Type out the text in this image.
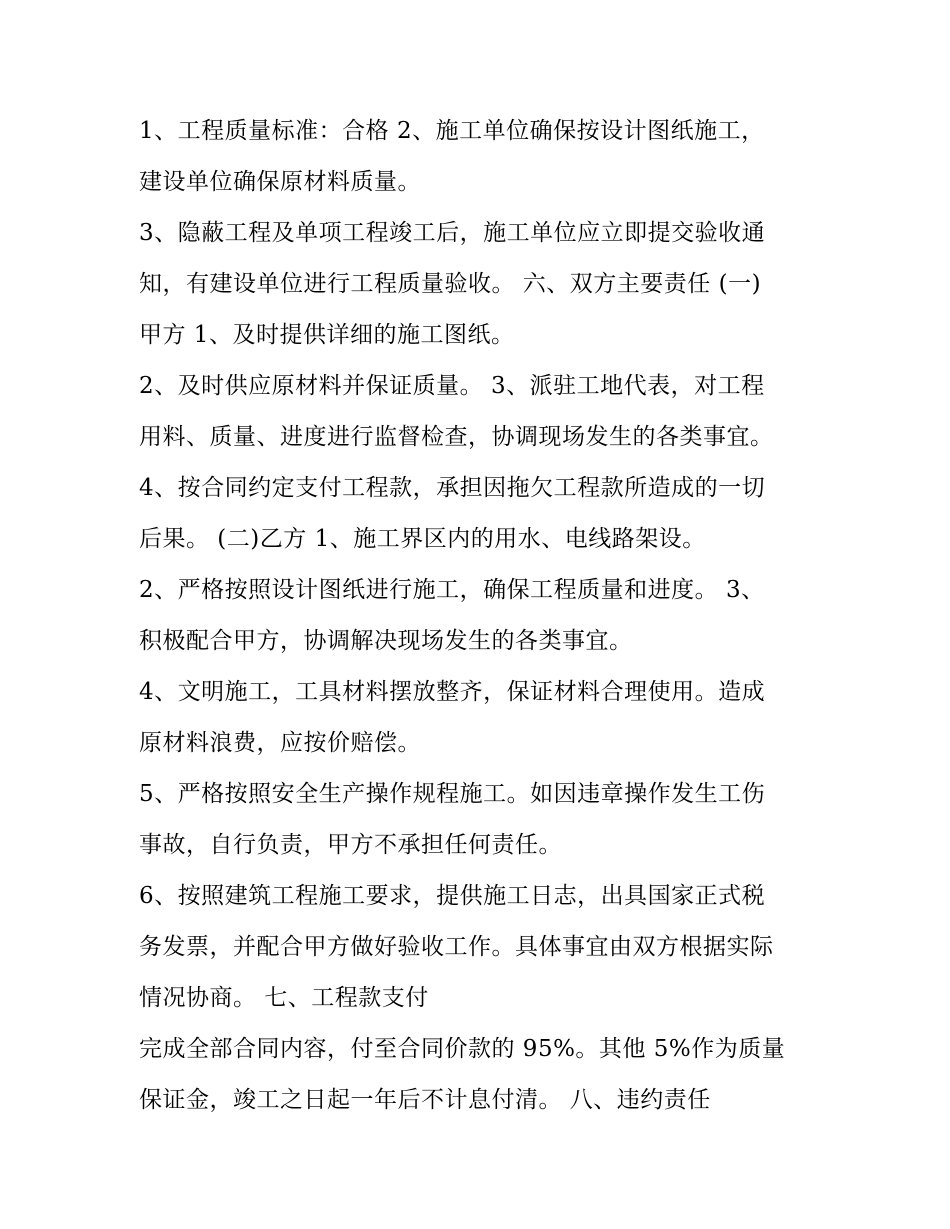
1、工程质量标准：合格 2、施工单位确保按设计图纸施工，
建设单位确保原材料质量。
3、隐蔽工程及单项工程竣工后，施工单位应立即提交验收通
知，有建设单位进行工程质量验收。 六、双方主要责任 (一)
甲方 1、及时提供详细的施工图纸。
2、及时供应原材料并保证质量。 3、派驻工地代表，对工程
用料、质量、进度进行监督检查，协调现场发生的各类事宜。
4、按合同约定支付工程款，承担因拖欠工程款所造成的一切
后果。 (二)乙方 1、施工界区内的用水、电线路架设。
2、严格按照设计图纸进行施工，确保工程质量和进度。 3、
积极配合甲方，协调解决现场发生的各类事宜。
4、文明施工，工具材料摆放整齐，保证材料合理使用。造成
原材料浪费，应按价赔偿。
5、严格按照安全生产操作规程施工。如因违章操作发生工伤
事故，自行负责，甲方不承担任何责任。
6、按照建筑工程施工要求，提供施工日志，出具国家正式税
务发票，并配合甲方做好验收工作。具体事宜由双方根据实际
情况协商。 七、工程款支付
完成全部合同内容，付至合同价款的 95%。其他 5%作为质量
保证金，竣工之日起一年后不计息付清。 八、违约责任
